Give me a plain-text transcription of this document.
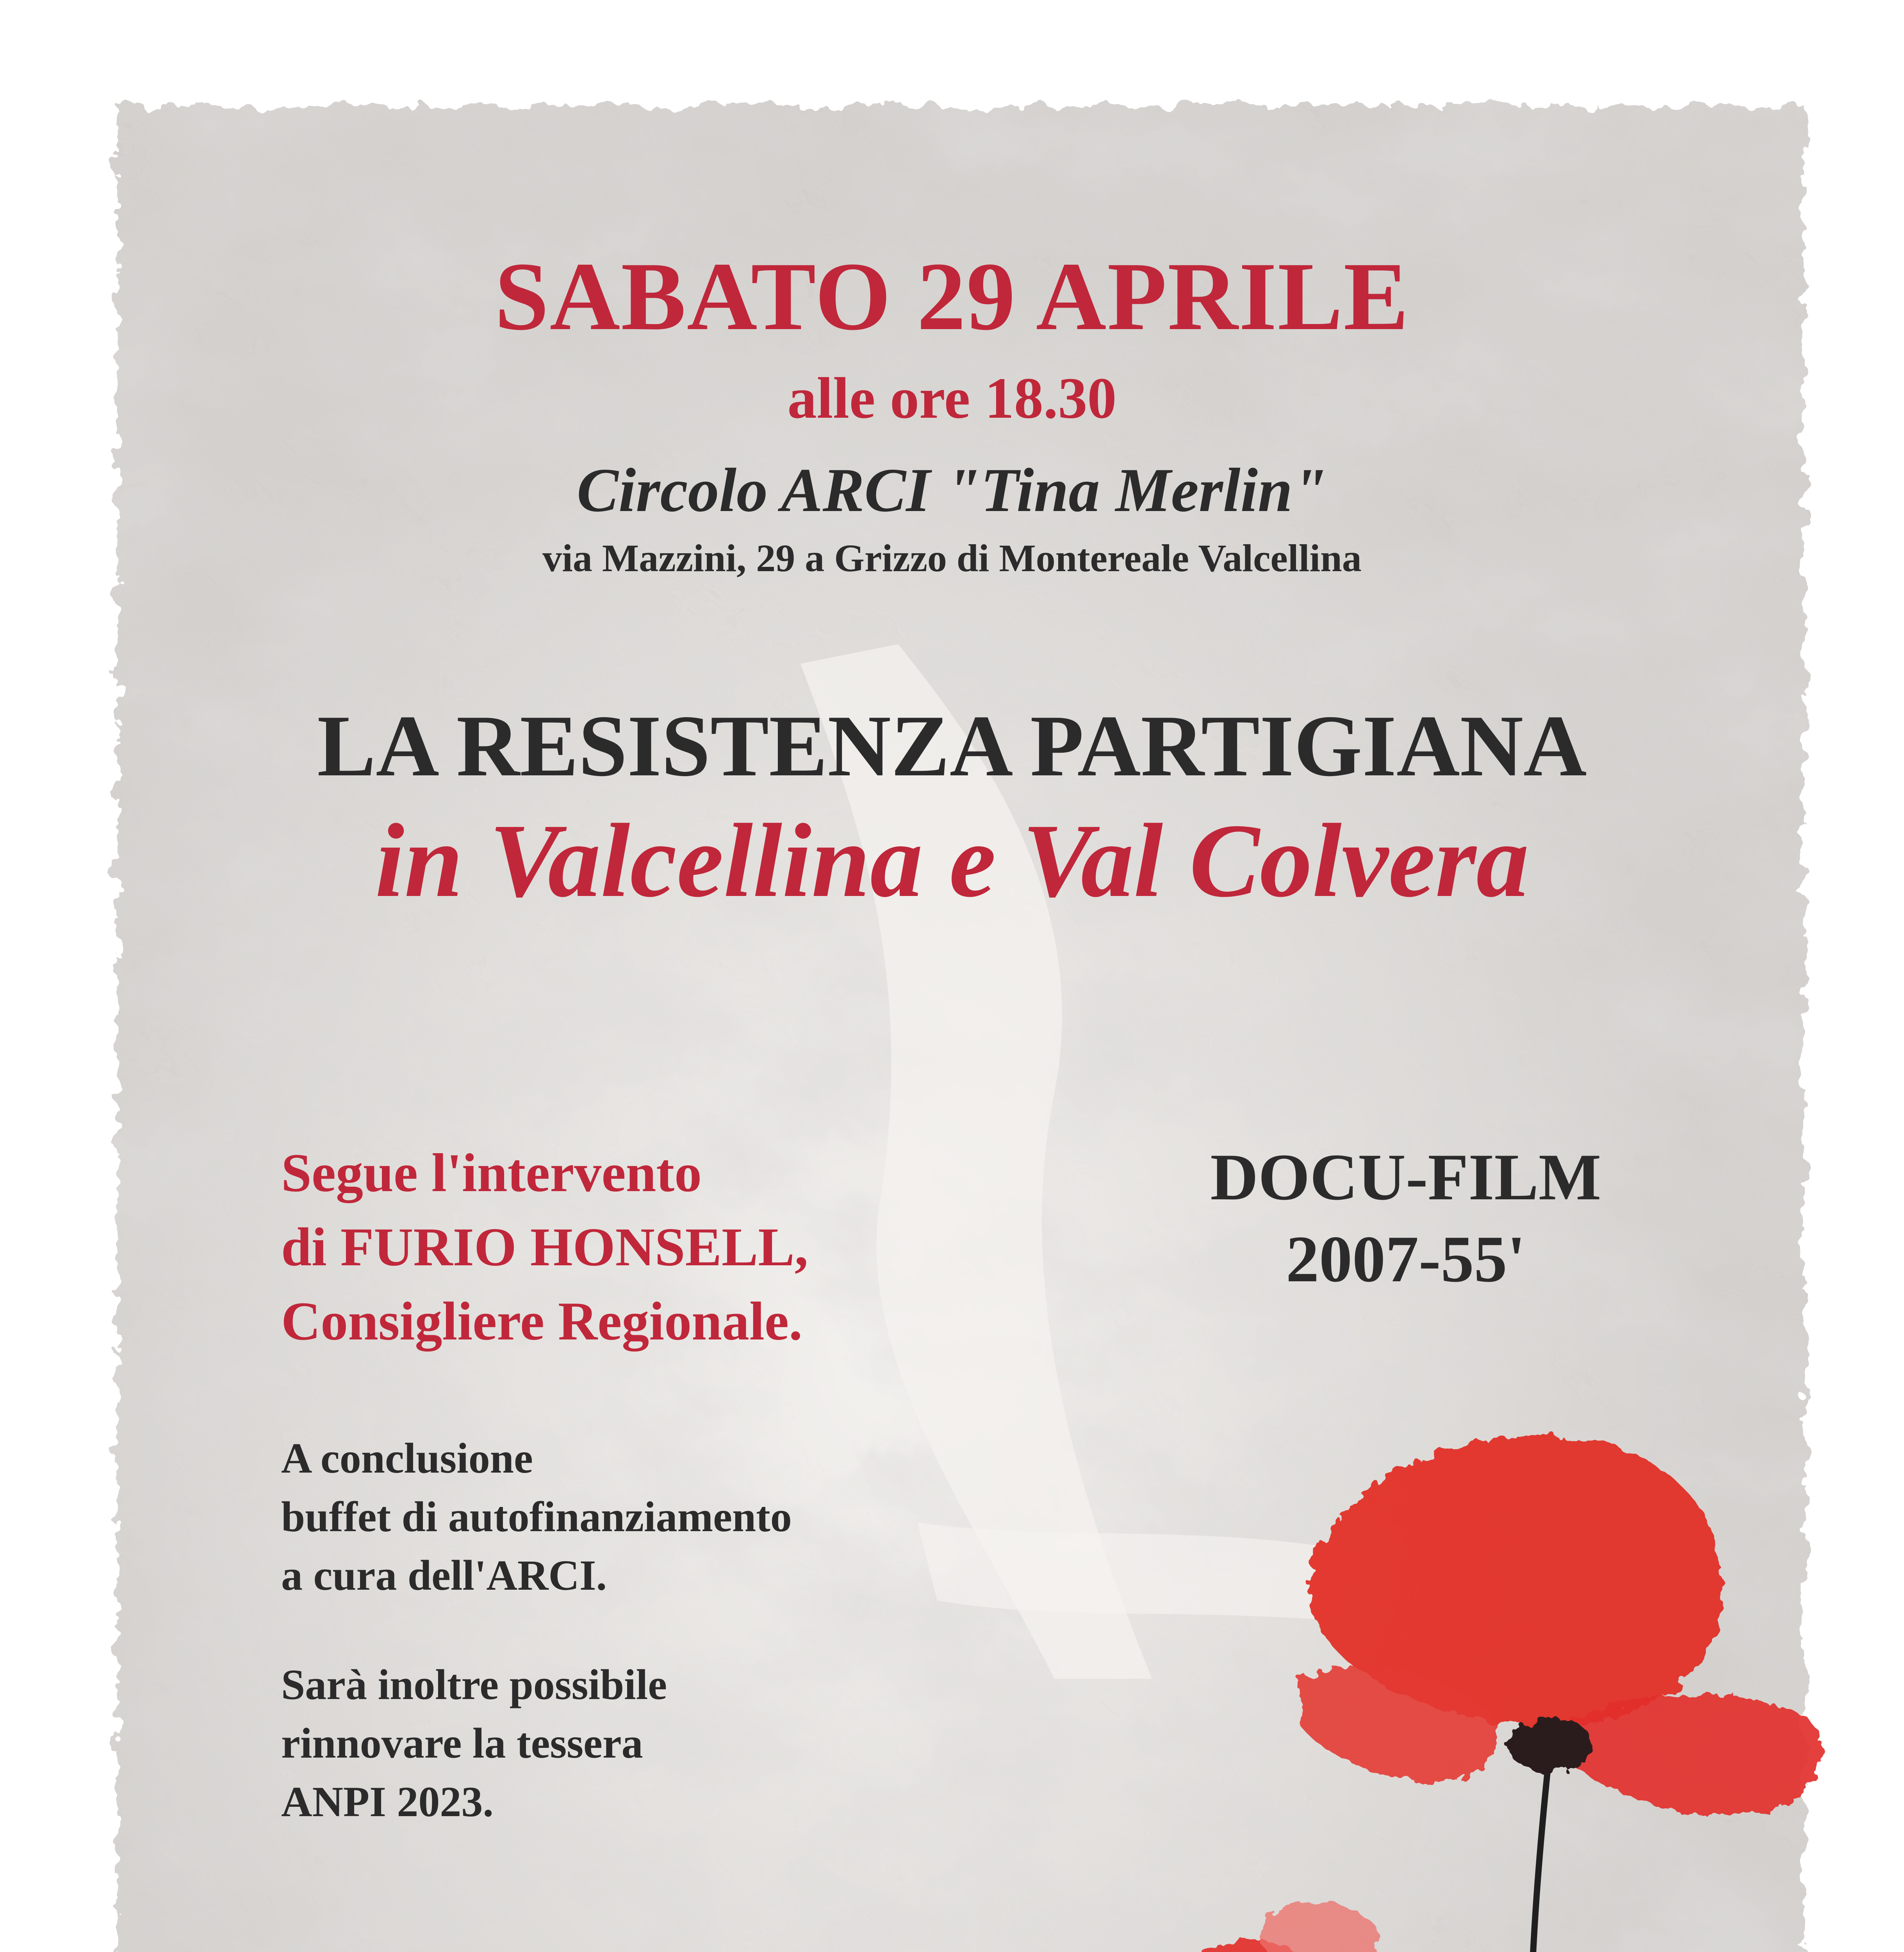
SABATO 29 APRILE
alle ore 18.30
Circolo ARCI "Tina Merlin"
via Mazzini, 29 a Grizzo di Montereale Valcellina
LA RESISTENZA PARTIGIANA
in Valcellina e Val Colvera
Segue l'intervento
di FURIO HONSELL,
Consigliere Regionale.
DOCU-FILM
2007-55'
A conclusione
buffet di autofinanziamento
a cura dell'ARCI.
Sarà inoltre possibile
rinnovare la tessera
ANPI 2023.
